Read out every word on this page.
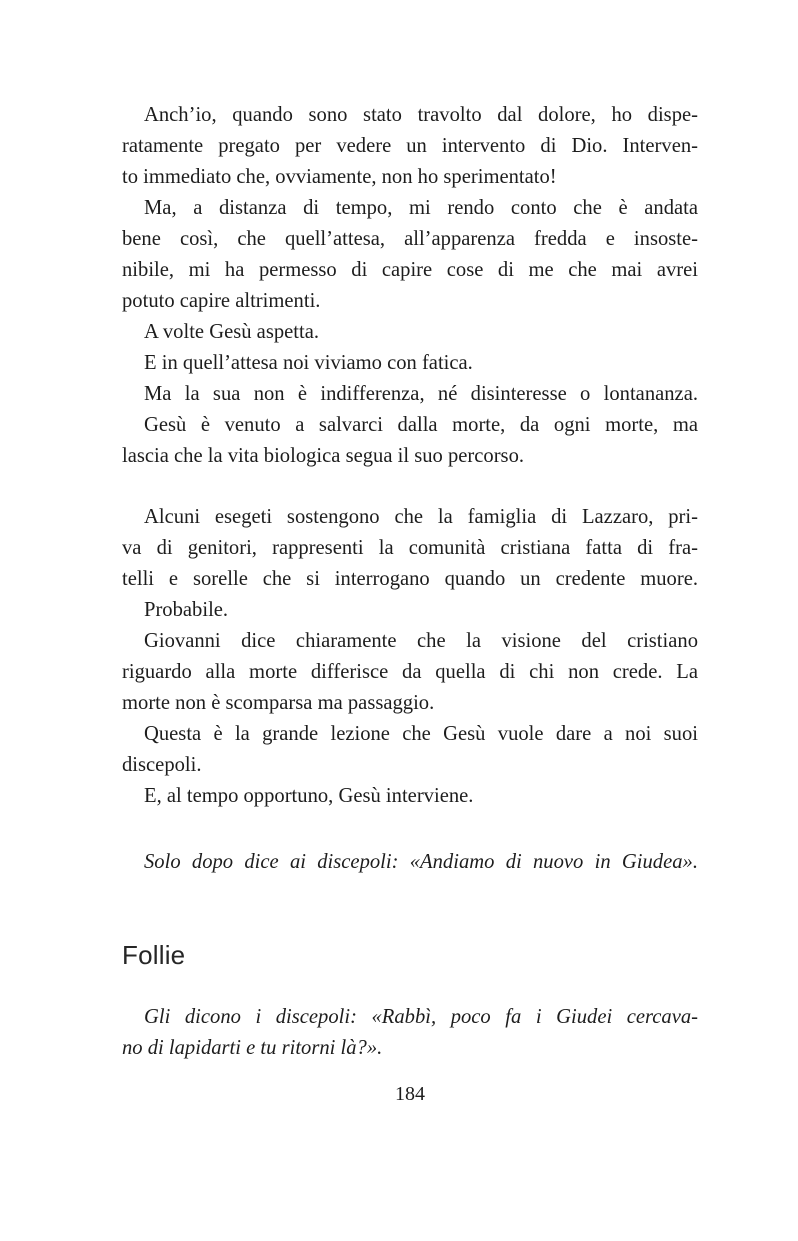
Anch’io, quando sono stato travolto dal dolore, ho dispe-
ratamente pregato per vedere un intervento di Dio. Interven-
to immediato che, ovviamente, non ho sperimentato!
Ma, a distanza di tempo, mi rendo conto che è andata
bene così, che quell’attesa, all’apparenza fredda e insoste-
nibile, mi ha permesso di capire cose di me che mai avrei
potuto capire altrimenti.
A volte Gesù aspetta.
E in quell’attesa noi viviamo con fatica.
Ma la sua non è indifferenza, né disinteresse o lontananza.
Gesù è venuto a salvarci dalla morte, da ogni morte, ma
lascia che la vita biologica segua il suo percorso.
Alcuni esegeti sostengono che la famiglia di Lazzaro, pri-
va di genitori, rappresenti la comunità cristiana fatta di fra-
telli e sorelle che si interrogano quando un credente muore.
Probabile.
Giovanni dice chiaramente che la visione del cristiano
riguardo alla morte differisce da quella di chi non crede. La
morte non è scomparsa ma passaggio.
Questa è la grande lezione che Gesù vuole dare a noi suoi
discepoli.
E, al tempo opportuno, Gesù interviene.
Solo dopo dice ai discepoli: «Andiamo di nuovo in Giudea».
Follie
Gli dicono i discepoli: «Rabbì, poco fa i Giudei cercava-
no di lapidarti e tu ritorni là?».
184
